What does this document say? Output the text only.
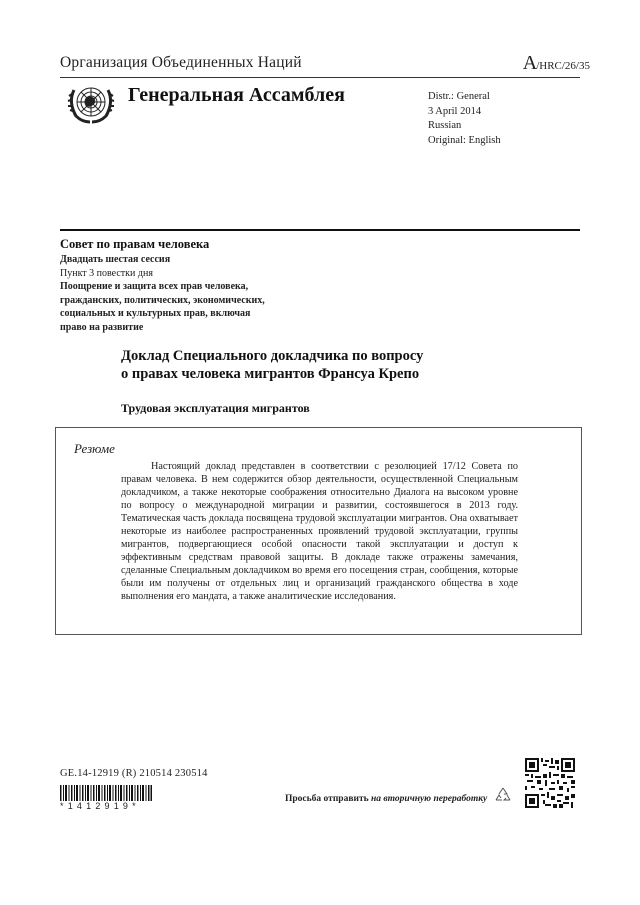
Организация Объединенных Наций	A/HRC/26/35
Генеральная Ассамблея	Distr.: General
3 April 2014
Russian
Original: English
Совет по правам человека
Двадцать шестая сессия
Пункт 3 повестки дня
Поощрение и защита всех прав человека,
гражданских, политических, экономических,
социальных и культурных прав, включая
право на развитие
Доклад Специального докладчика по вопросу
о правах человека мигрантов Франсуа Крепо
Трудовая эксплуатация мигрантов
Резюме
Настоящий доклад представлен в соответствии с резолюцией 17/12 Совета по правам человека. В нем содержится обзор деятельности, осуществленной Специальным докладчиком, а также некоторые соображения относительно Диалога на высоком уровне по вопросу о международной миграции и развитии, состоявшегося в 2013 году. Тематическая часть доклада посвящена трудовой эксплуатации мигрантов. Она охватывает некоторые из наиболее распространенных проявлений трудовой эксплуатации, группы мигрантов, подвергающиеся особой опасности такой эксплуатации и доступ к эффективным средствам правовой защиты. В докладе также отражены замечания, сделанные Специальным докладчиком во время его посещения стран, сообщения, которые были им получены от отдельных лиц и организаций гражданского общества в ходе выполнения его мандата, а также аналитические исследования.
GE.14-12919 (R) 210514 230514
*1412919*
Просьба отправить на вторичную переработку
